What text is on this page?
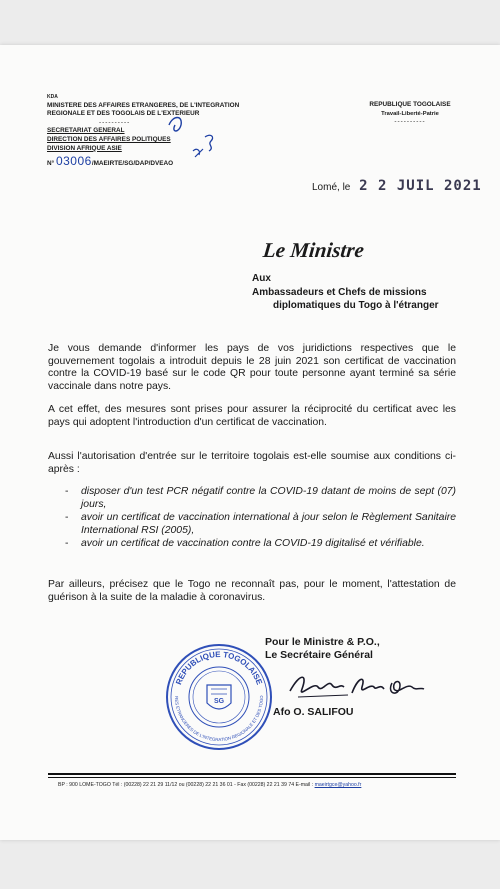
KDA
MINISTERE DES AFFAIRES ETRANGERES, DE L'INTEGRATION
REGIONALE ET DES TOGOLAIS DE L'EXTERIEUR
----------
SECRETARIAT GENERAL
DIRECTION DES AFFAIRES POLITIQUES
DIVISION AFRIQUE ASIE
N° 03006/MAEIRTE/SG/DAP/DVEAO
REPUBLIQUE TOGOLAISE
Travail-Liberté-Patrie
----------
Lomé, le 2 2 JUIL 2021
Le Ministre
Aux
Ambassadeurs et Chefs de missions

diplomatiques du Togo à l'étranger
Je vous demande d'informer les pays de vos juridictions respectives que le gouvernement togolais a introduit depuis le 28 juin 2021 son certificat de vaccination contre la COVID-19 basé sur le code QR pour toute personne ayant terminé sa série vaccinale dans notre pays.
A cet effet, des mesures sont prises pour assurer la réciprocité du certificat avec les pays qui adoptent l'introduction d'un certificat de vaccination.
Aussi l'autorisation d'entrée sur le territoire togolais est-elle soumise aux conditions ci-après :
-	disposer d'un test PCR négatif contre la COVID-19 datant de moins de sept (07) jours,
-	avoir un certificat de vaccination international à jour selon le Règlement Sanitaire International RSI (2005),
-	avoir un certificat de vaccination contre la COVID-19 digitalisé et vérifiable.
Par ailleurs, précisez que le Togo ne reconnaît pas, pour le moment, l'attestation de guérison à la suite de la maladie à coronavirus.
Pour le Ministre & P.O.,
Le Secrétaire Général
REPUBLIQUE TOGOLAISE
RES ETRANGERES DE L'INTEGRATION REGIONALE ET DES TOGO
SG
Afo O. SALIFOU
BP : 900 LOME-TOGO Tél : (00228) 22 21 29 11/12 ou (00228) 22 21 36 01 - Fax (00228) 22 21 39 74 E-mail : maeirtgce@yahoo.fr
